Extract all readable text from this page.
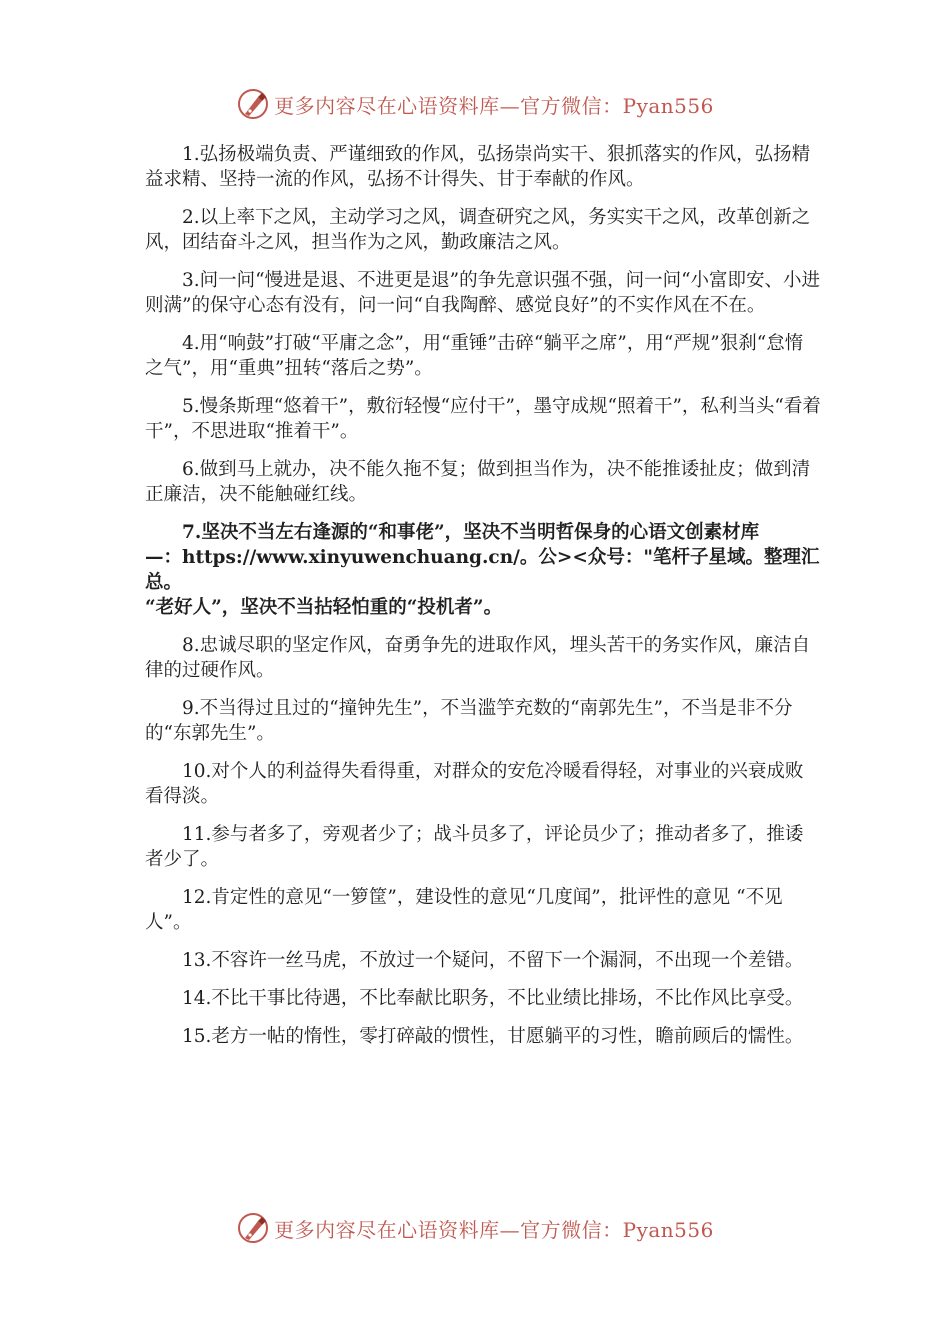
更多内容尽在心语资料库—官方微信：Pyan556

1.弘扬极端负责、严谨细致的作风，弘扬崇尚实干、狠抓落实的作风，弘扬精益求精、坚持一流的作风，弘扬不计得失、甘于奉献的作风。

2.以上率下之风，主动学习之风，调查研究之风，务实实干之风，改革创新之风，团结奋斗之风，担当作为之风，勤政廉洁之风。

3.问一问“慢进是退、不进更是退”的争先意识强不强，问一问“小富即安、小进则满”的保守心态有没有，问一问“自我陶醉、感觉良好”的不实作风在不在。

4.用“响鼓”打破“平庸之念”，用“重锤”击碎“躺平之席”，用“严规”狠刹“怠惰之气”，用“重典”扭转“落后之势”。

5.慢条斯理“悠着干”，敷衍轻慢“应付干”，墨守成规“照着干”，私利当头“看着干”，不思进取“推着干”。

6.做到马上就办，决不能久拖不复；做到担当作为，决不能推诿扯皮；做到清正廉洁，决不能触碰红线。

7.坚决不当左右逢源的“和事佬”，坚决不当明哲保身的心语文创素材库
—：https://www.xinyuwenchuang.cn/。公><众号："笔杆子星域。整理汇总。
“老好人”，坚决不当拈轻怕重的“投机者”。

8.忠诚尽职的坚定作风，奋勇争先的进取作风，埋头苦干的务实作风，廉洁自律的过硬作风。

9.不当得过且过的“撞钟先生”，不当滥竽充数的“南郭先生”，不当是非不分的“东郭先生”。

10.对个人的利益得失看得重，对群众的安危冷暖看得轻，对事业的兴衰成败看得淡。

11.参与者多了，旁观者少了；战斗员多了，评论员少了；推动者多了，推诿者少了。

12.肯定性的意见“一箩筐”，建设性的意见“几度闻”，批评性的意见 “不见人”。

13.不容许一丝马虎，不放过一个疑问，不留下一个漏洞，不出现一个差错。

14.不比干事比待遇，不比奉献比职务，不比业绩比排场，不比作风比享受。

15.老方一帖的惰性，零打碎敲的惯性，甘愿躺平的习性，瞻前顾后的懦性。

更多内容尽在心语资料库—官方微信：Pyan556
